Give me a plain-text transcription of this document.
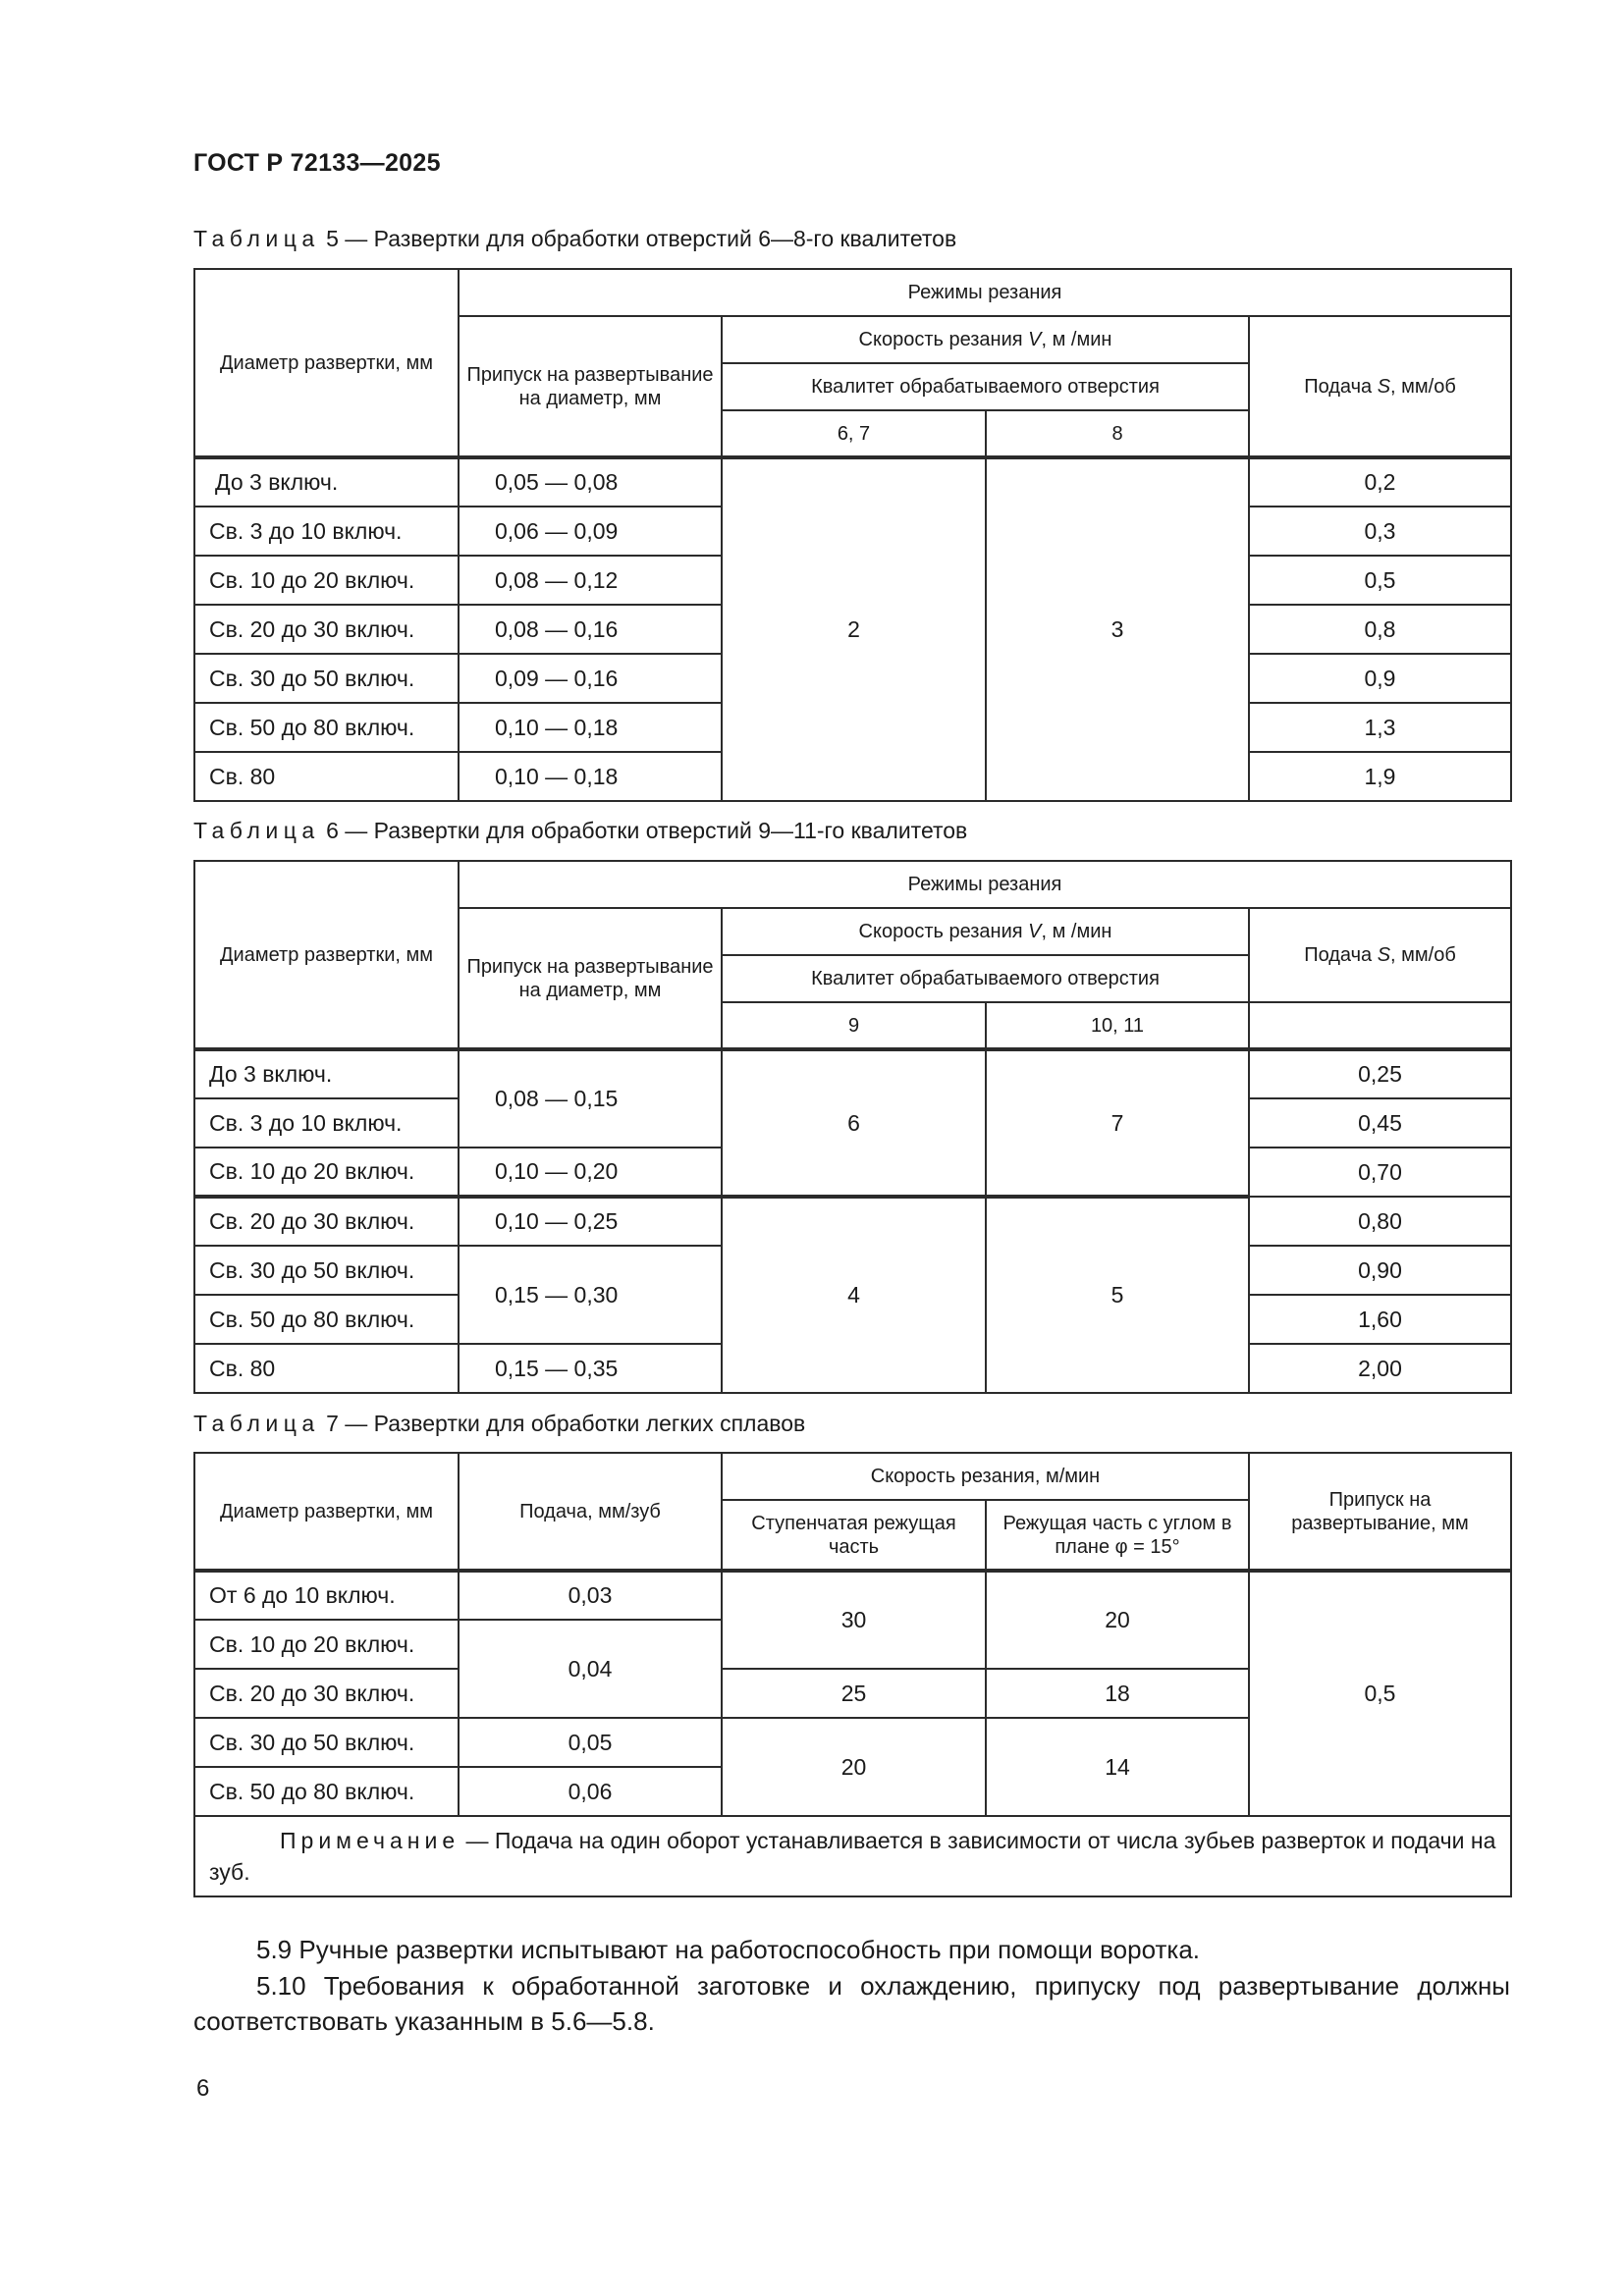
ГОСТ Р 72133—2025
Таблица 5 — Развертки для обработки отверстий 6—8-го квалитетов
Диаметр развертки, мм	Режимы резания			
	Припуск на развертывание на диаметр, мм	Скорость резания V, м /мин		Подача S, мм/об
		Квалитет обрабатываемого отверстия		
		6, 7	8	
До 3 включ.	0,05 — 0,08	2	3	0,2
Св. 3 до 10 включ.	0,06 — 0,09			0,3
Св. 10 до 20 включ.	0,08 — 0,12			0,5
Св. 20 до 30 включ.	0,08 — 0,16			0,8
Св. 30 до 50 включ.	0,09 — 0,16			0,9
Св. 50 до 80 включ.	0,10 — 0,18			1,3
Св. 80	0,10 — 0,18			1,9
Таблица 6 — Развертки для обработки отверстий 9—11-го квалитетов
Диаметр развертки, мм	Режимы резания			
	Припуск на развертывание на диаметр, мм	Скорость резания V, м /мин		Подача S, мм/об
		Квалитет обрабатываемого отверстия		
		9	10, 11	
До 3 включ.	0,08 — 0,15	6	7	0,25
Св. 3 до 10 включ.				0,45
Св. 10 до 20 включ.	0,10 — 0,20			0,70
Св. 20 до 30 включ.	0,10 — 0,25	4	5	0,80
Св. 30 до 50 включ.	0,15 — 0,30			0,90
Св. 50 до 80 включ.				1,60
Св. 80	0,15 — 0,35			2,00
Таблица 7 — Развертки для обработки легких сплавов
Диаметр развертки, мм	Подача, мм/зуб	Скорость резания, м/мин		Припуск на развертывание, мм
		Ступенчатая режущая часть	Режущая часть с углом в плане φ = 15°	
От 6 до 10 включ.	0,03	30	20	0,5
Св. 10 до 20 включ.	0,04			
Св. 20 до 30 включ.		25	18	
Св. 30 до 50 включ.	0,05	20	14	
Св. 50 до 80 включ.	0,06			
Примечание — Подача на один оборот устанавливается в зависимости от числа зубьев разверток и подачи на зуб.				
5.9 Ручные развертки испытывают на работоспособность при помощи воротка.
5.10 Требования к обработанной заготовке и охлаждению, припуску под развертывание должны соответствовать указанным в 5.6—5.8.
6
